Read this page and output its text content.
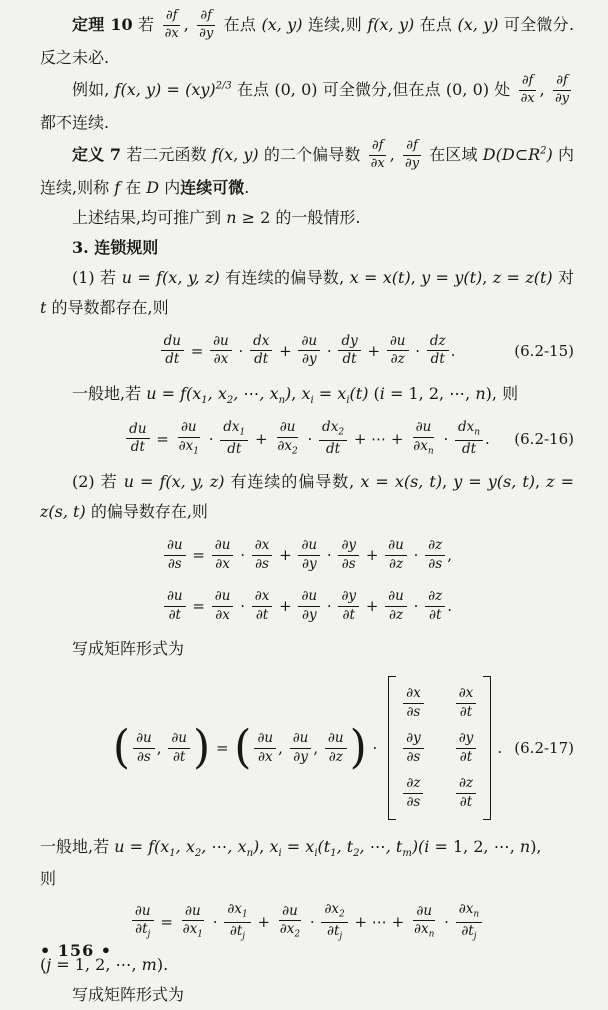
定理 10 若 $\frac{\partial f}{\partial x}$ , $\frac{\partial f}{\partial y}$ 在点 (x, y) 连续,则 f(x, y) 在点 (x, y) 可全微分. 反之未必.
例如, f(x, y) = (xy)$^{2/3}$ 在点 (0, 0) 可全微分,但在点 (0, 0) 处 $\frac{\partial f}{\partial x}$ , $\frac{\partial f}{\partial y}$
都不连续.
定义 7 若二元函数 f(x, y) 的二个偏导数 $\frac{\partial f}{\partial x}$ , $\frac{\partial f}{\partial y}$ 在区域 $D(D\subset R^2)$ 内连续,则称 f 在 D 内连续可微.
上述结果,均可推广到 n ≥ 2 的一般情形.
3. 连锁规则
(1) 若 u = f(x, y, z) 有连续的偏导数, x = x(t), y = y(t), z = z(t) 对 t 的导数都存在,则
$\frac{du}{dt} = \frac{\partial u}{\partial x} \cdot \frac{dx}{dt} + \frac{\partial u}{\partial y} \cdot \frac{dy}{dt} + \frac{\partial u}{\partial z} \cdot \frac{dz}{dt}$ .	(6.2-15)
一般地,若 $u = f(x_1$, $x_2$, ⋯, $x_n$), $x_i = x_i(t) (i = 1$, 2, ⋯, n), 则
$\frac{du}{dt} = \frac{\partial u}{\partial x_1} \cdot \frac{dx_1}{dt} + \frac{\partial u}{\partial x_2} \cdot \frac{dx_2}{dt}$ + ⋯ + $\frac{\partial u}{\partial x_n} \cdot \frac{dx_n}{dt}$ . (6.2-16)
(2) 若 u = f(x, y, z) 有连续的偏导数, x = x(s, t), y = y(s, t), z = z(s, t) 的偏导数存在,则
$\frac{\partial u}{\partial s} = \frac{\partial u}{\partial x} \cdot \frac{\partial x}{\partial s} + \frac{\partial u}{\partial y} \cdot \frac{\partial y}{\partial s} + \frac{\partial u}{\partial z} \cdot \frac{\partial z}{\partial s}$ ,
$\frac{\partial u}{\partial t} = \frac{\partial u}{\partial x} \cdot \frac{\partial x}{\partial t} + \frac{\partial u}{\partial y} \cdot \frac{\partial y}{\partial t} + \frac{\partial u}{\partial z} \cdot \frac{\partial z}{\partial t}$ .
写成矩阵形式为
( $\frac{\partial u}{\partial s}$ , $\frac{\partial u}{\partial t}$ ) = ( $\frac{\partial u}{\partial x}$ , $\frac{\partial u}{\partial y}$ , $\frac{\partial u}{\partial z}$ ) ·
$\frac{\partial x}{\partial s} \frac{\partial x}{\partial t}$
$\frac{\partial y}{\partial s} \frac{\partial y}{\partial t}$
$\frac{\partial z}{\partial s} \frac{\partial z}{\partial t}$
. (6.2-17)
一般地,若 $u = f(x_1$, $x_2$, ⋯, $x_n$), $x_i = x_i(t_1$, $t_2$, ⋯, $t_m)(i = 1$, 2, ⋯, n),
则
$\frac{\partial u}{\partial t_j} = \frac{\partial u}{\partial x_1} \cdot \frac{\partial x_1}{\partial t_j} + \frac{\partial u}{\partial x_2} \cdot \frac{\partial x_2}{\partial t_j}$ + ⋯ + $\frac{\partial u}{\partial x_n} \cdot \frac{\partial x_n}{\partial t_j}$
(j = 1, 2, ⋯, m).
写成矩阵形式为
• 156 •
